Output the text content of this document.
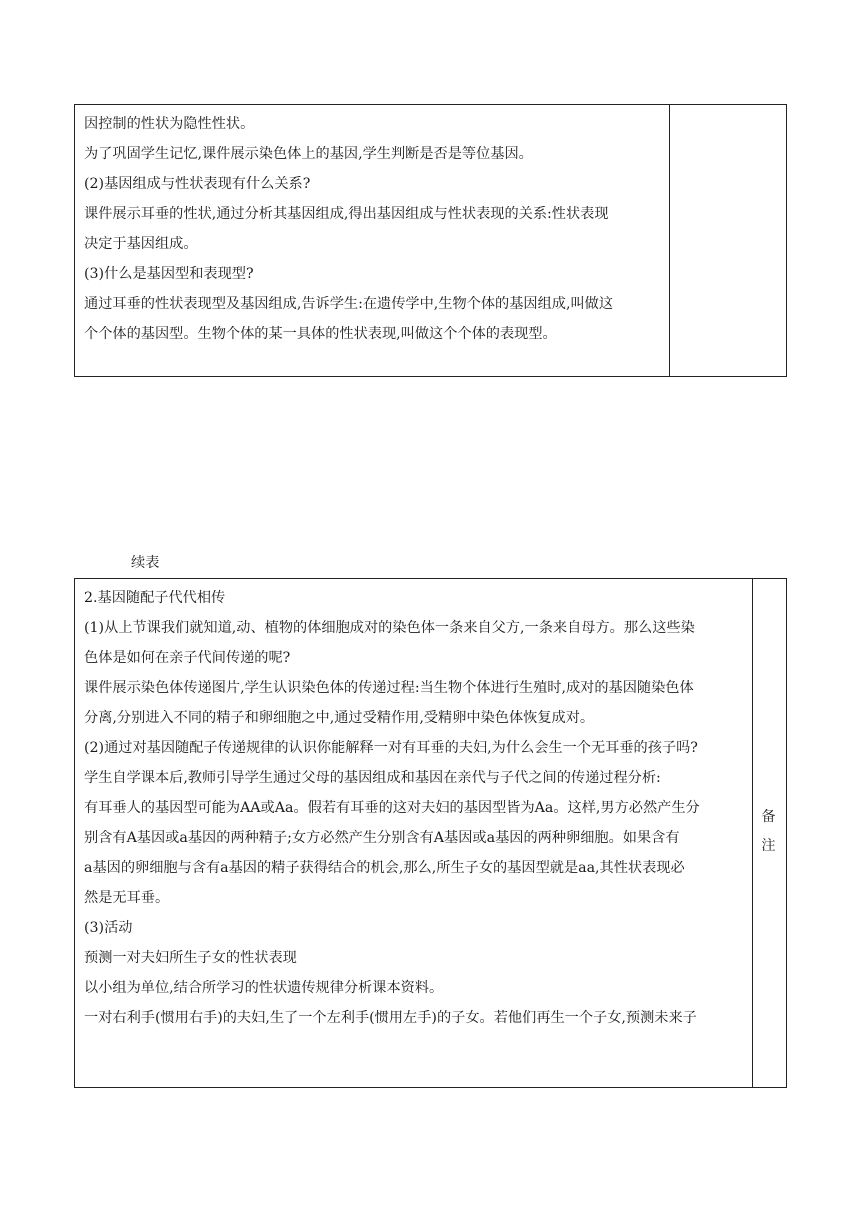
因控制的性状为隐性性状。
为了巩固学生记忆,课件展示染色体上的基因,学生判断是否是等位基因。
(2)基因组成与性状表现有什么关系?
课件展示耳垂的性状,通过分析其基因组成,得出基因组成与性状表现的关系:性状表现
决定于基因组成。
(3)什么是基因型和表现型?
通过耳垂的性状表现型及基因组成,告诉学生:在遗传学中,生物个体的基因组成,叫做这
个个体的基因型。生物个体的某一具体的性状表现,叫做这个个体的表现型。
续表
2.基因随配子代代相传
(1)从上节课我们就知道,动、植物的体细胞成对的染色体一条来自父方,一条来自母方。那么这些染
色体是如何在亲子代间传递的呢?
课件展示染色体传递图片,学生认识染色体的传递过程:当生物个体进行生殖时,成对的基因随染色体
分离,分别进入不同的精子和卵细胞之中,通过受精作用,受精卵中染色体恢复成对。
(2)通过对基因随配子传递规律的认识你能解释一对有耳垂的夫妇,为什么会生一个无耳垂的孩子吗?
学生自学课本后,教师引导学生通过父母的基因组成和基因在亲代与子代之间的传递过程分析:
有耳垂人的基因型可能为AA或Aa。假若有耳垂的这对夫妇的基因型皆为Aa。这样,男方必然产生分
别含有A基因或a基因的两种精子;女方必然产生分别含有A基因或a基因的两种卵细胞。如果含有
a基因的卵细胞与含有a基因的精子获得结合的机会,那么,所生子女的基因型就是aa,其性状表现必
然是无耳垂。
(3)活动
预测一对夫妇所生子女的性状表现
以小组为单位,结合所学习的性状遗传规律分析课本资料。
一对右利手(惯用右手)的夫妇,生了一个左利手(惯用左手)的子女。若他们再生一个子女,预测未来子
备
注
